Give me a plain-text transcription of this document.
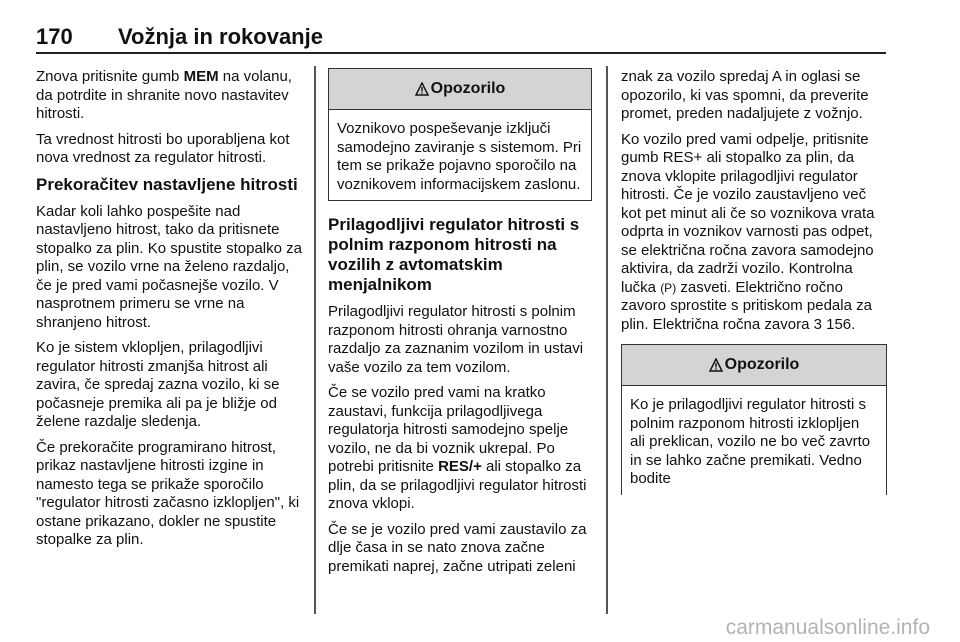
170 Vožnja in rokovanje

Znova pritisnite gumb MEM na volanu, da potrdite in shranite novo nastavitev hitrosti.

Ta vrednost hitrosti bo uporabljena kot nova vrednost za regulator hitrosti.

Prekoračitev nastavljene hitrosti

Kadar koli lahko pospešite nad nastavljeno hitrost, tako da pritisnete stopalko za plin. Ko spustite stopalko za plin, se vozilo vrne na želeno razdaljo, če je pred vami počasnejše vozilo. V nasprotnem primeru se vrne na shranjeno hitrost.

Ko je sistem vklopljen, prilagodljivi regulator hitrosti zmanjša hitrost ali zavira, če spredaj zazna vozilo, ki se počasneje premika ali pa je bližje od želene razdalje sledenja.

Če prekoračite programirano hitrost, prikaz nastavljene hitrosti izgine in namesto tega se prikaže sporočilo "regulator hitrosti začasno izklopljen", ki ostane prikazano, dokler ne spustite stopalke za plin.

Opozorilo
Voznikovo pospeševanje izključi samodejno zaviranje s sistemom. Pri tem se prikaže pojavno sporočilo na voznikovem informacijskem zaslonu.
Prilagodljivi regulator hitrosti s polnim razponom hitrosti na vozilih z avtomatskim menjalnikom

Prilagodljivi regulator hitrosti s polnim razponom hitrosti ohranja varnostno razdaljo za zaznanim vozilom in ustavi vaše vozilo za tem vozilom.

Če se vozilo pred vami na kratko zaustavi, funkcija prilagodljivega regulatorja hitrosti samodejno spelje vozilo, ne da bi voznik ukrepal. Po potrebi pritisnite RES/+ ali stopalko za plin, da se prilagodljivi regulator hitrosti znova vklopi.

Če se je vozilo pred vami zaustavilo za dlje časa in se nato znova začne premikati naprej, začne utripati zeleni

znak za vozilo spredaj A in oglasi se opozorilo, ki vas spomni, da preverite promet, preden nadaljujete z vožnjo.

Ko vozilo pred vami odpelje, pritisnite gumb RES+ ali stopalko za plin, da znova vklopite prilagodljivi regulator hitrosti. Če je vozilo zaustavljeno več kot pet minut ali če so voznikova vrata odprta in voznikov varnosti pas odpet, se električna ročna zavora samodejno aktivira, da zadrži vozilo. Kontrolna lučka (P) zasveti. Električno ročno zavoro sprostite s pritiskom pedala za plin. Električna ročna zavora 3 156.

Opozorilo
Ko je prilagodljivi regulator hitrosti s polnim razponom hitrosti izklopljen ali preklican, vozilo ne bo več zavrto in se lahko začne premikati. Vedno bodite
carmanualsonline.info
